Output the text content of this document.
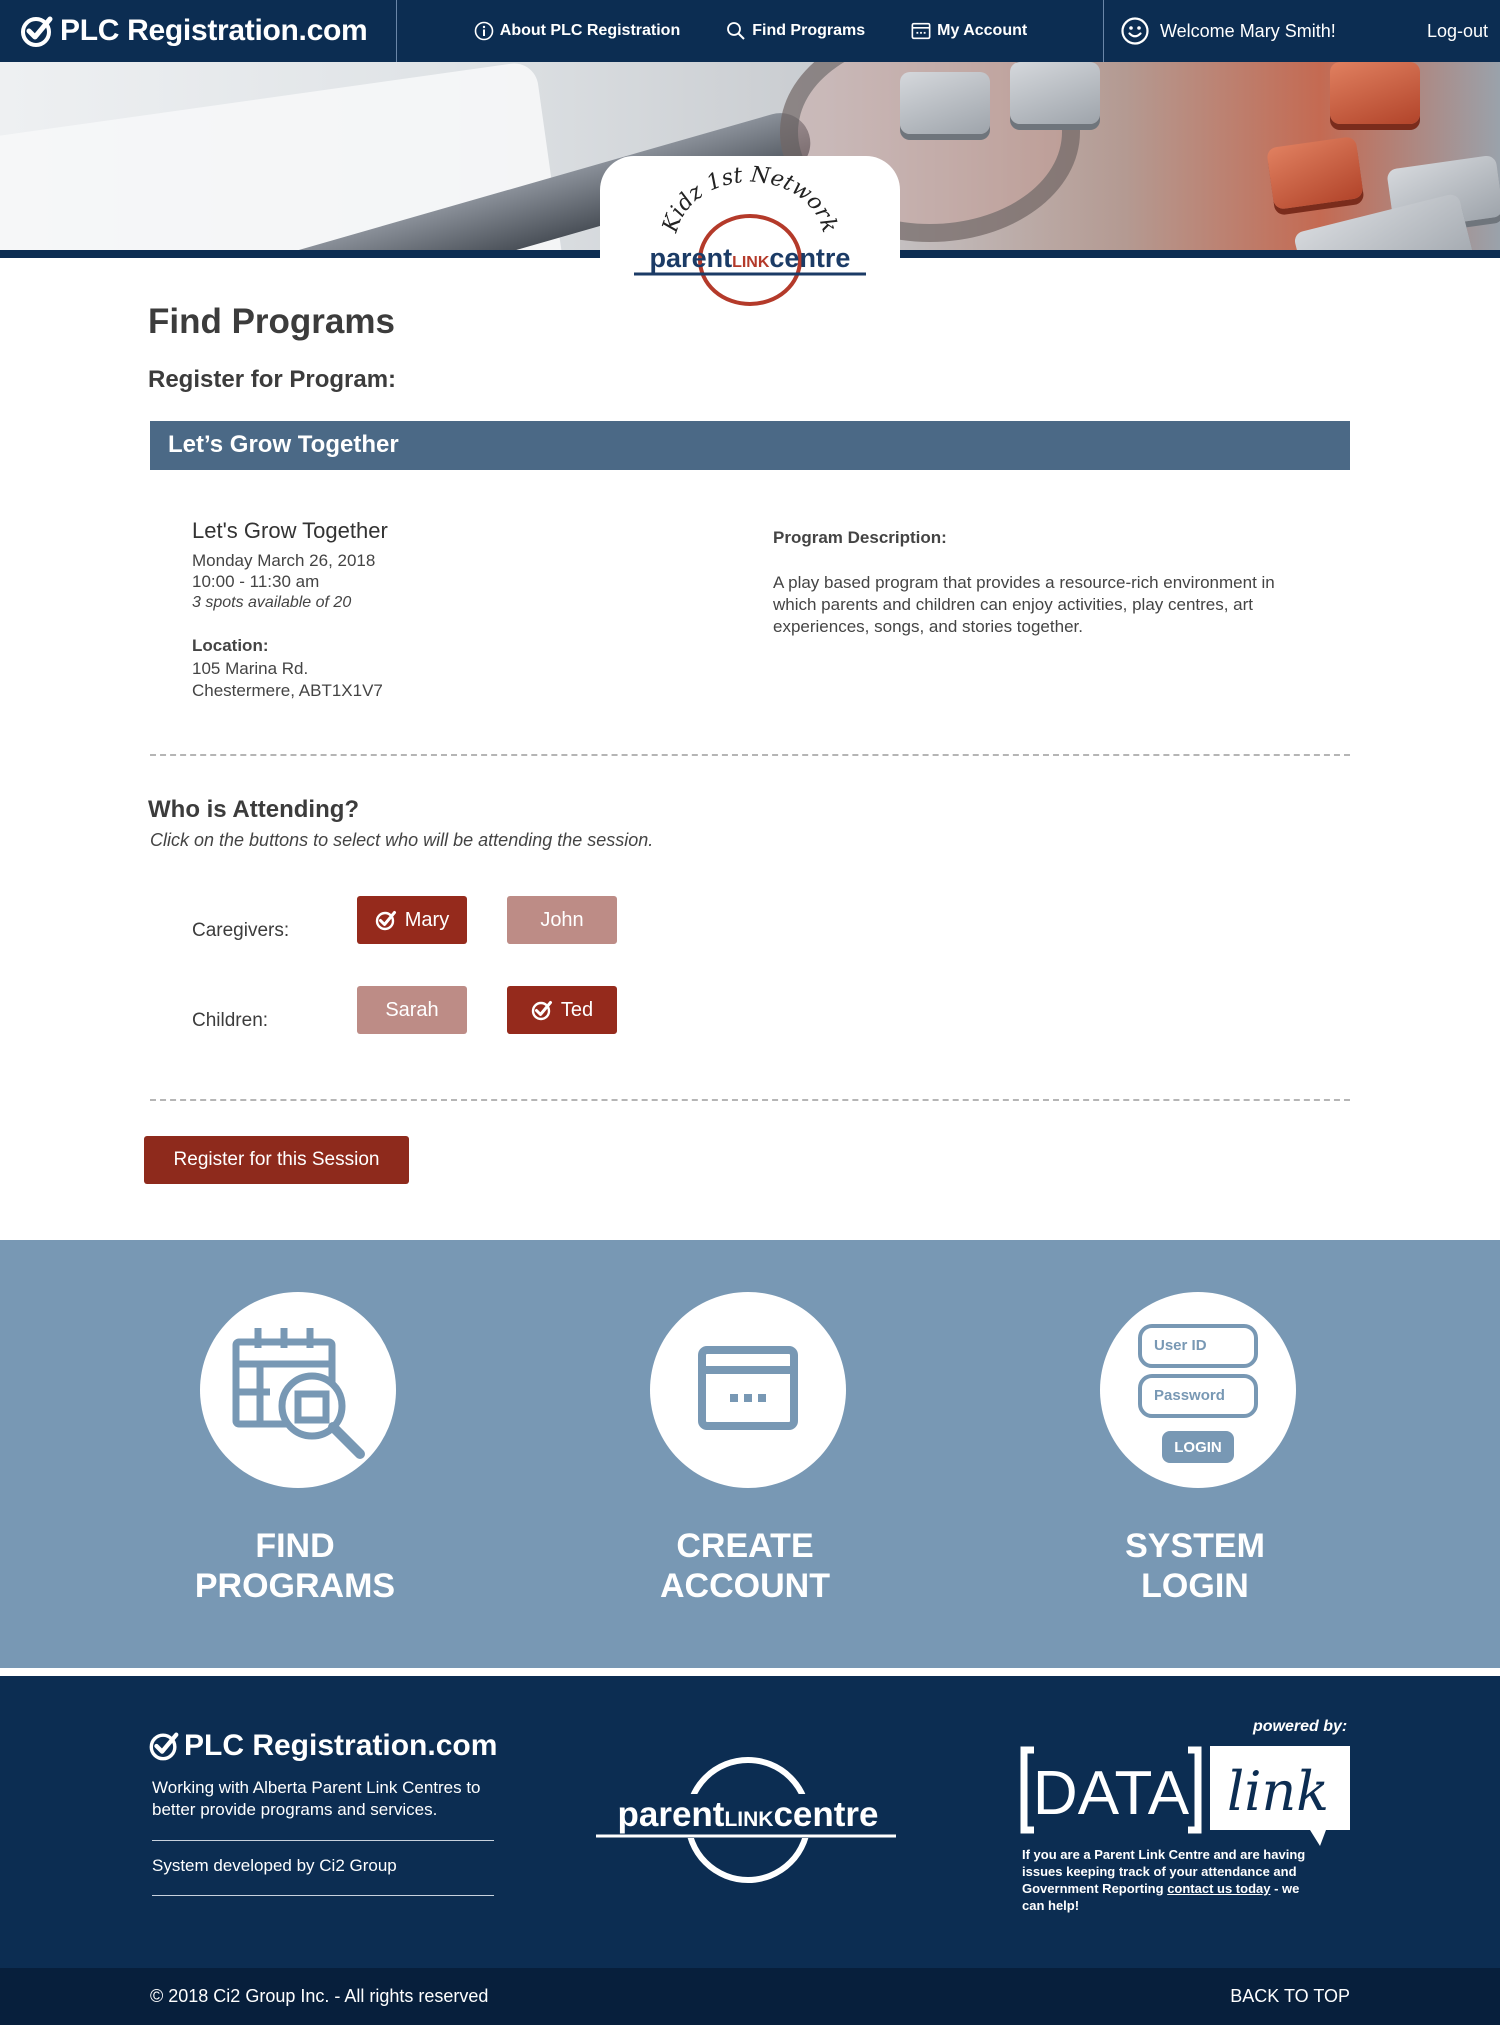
PLC Registration.com	About PLC Registration	Find Programs	My Account	Welcome Mary Smith!	Log-out
Kidz 1st Network
parentLINKcentre
Find Programs
Register for Program:
Let’s Grow Together
Let's Grow Together
Monday March 26, 2018
10:00 - 11:30 am
3 spots available of 20
Location:
105 Marina Rd.
Chestermere, ABT1X1V7
Program Description:
A play based program that provides a resource-rich environment in which parents and children can enjoy activities, play centres, art experiences, songs, and stories together.
Who is Attending?
Click on the buttons to select who will be attending the session.
Caregivers:	Mary	John
Children:	Sarah	Ted
Register for this Session
FIND
PROGRAMS
CREATE
ACCOUNT
User ID
Password
LOGIN
SYSTEM
LOGIN
PLC Registration.com
Working with Alberta Parent Link Centres to better provide programs and services.
System developed by Ci2 Group
parentLINKcentre
powered by:
DATA link
If you are a Parent Link Centre and are having issues keeping track of your attendance and Government Reporting contact us today - we can help!
© 2018 Ci2 Group Inc. - All rights reserved	BACK TO TOP
